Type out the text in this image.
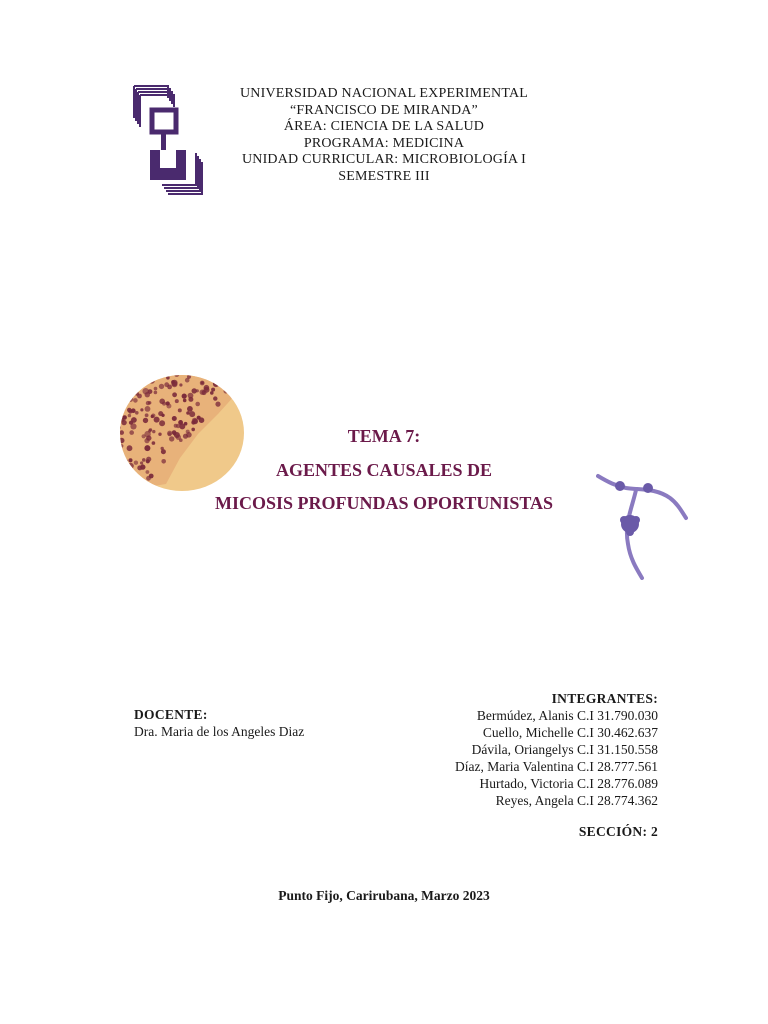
UNIVERSIDAD NACIONAL EXPERIMENTAL
“FRANCISCO DE MIRANDA”
ÁREA: CIENCIA DE LA SALUD
PROGRAMA: MEDICINA
UNIDAD CURRICULAR: MICROBIOLOGÍA I
SEMESTRE III
TEMA 7:
AGENTES CAUSALES DE
MICOSIS PROFUNDAS OPORTUNISTAS
DOCENTE:
Dra. Maria de los Angeles Diaz
INTEGRANTES:
Bermúdez, Alanis C.I 31.790.030
Cuello, Michelle C.I 30.462.637
Dávila, Oriangelys C.I 31.150.558
Díaz, Maria Valentina C.I 28.777.561
Hurtado, Victoria C.I 28.776.089
Reyes, Angela C.I 28.774.362
SECCIÓN: 2
Punto Fijo, Carirubana, Marzo 2023
